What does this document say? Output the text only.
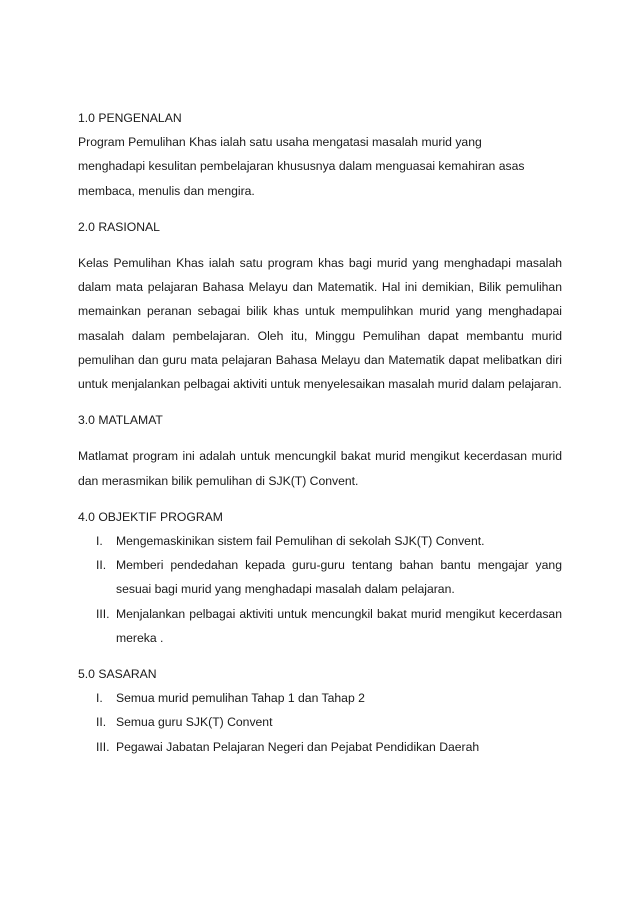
1.0 PENGENALAN

Program Pemulihan Khas ialah satu usaha mengatasi masalah murid yang
menghadapi kesulitan pembelajaran khususnya dalam menguasai kemahiran asas
membaca, menulis dan mengira.

2.0 RASIONAL

Kelas Pemulihan Khas ialah satu program khas bagi murid yang menghadapi masalah dalam mata pelajaran Bahasa Melayu dan Matematik. Hal ini demikian, Bilik pemulihan memainkan peranan sebagai bilik khas untuk mempulihkan murid yang menghadapai masalah dalam pembelajaran. Oleh itu, Minggu Pemulihan dapat membantu murid pemulihan dan guru mata pelajaran Bahasa Melayu dan Matematik dapat melibatkan diri untuk menjalankan pelbagai aktiviti untuk menyelesaikan masalah murid dalam pelajaran.

3.0 MATLAMAT

Matlamat program ini adalah untuk mencungkil bakat murid mengikut kecerdasan murid dan merasmikan bilik pemulihan di SJK(T) Convent.

4.0 OBJEKTIF PROGRAM

I.	Mengemaskinikan sistem fail Pemulihan di sekolah SJK(T) Convent.
II. Memberi pendedahan kepada guru-guru tentang bahan bantu mengajar yang sesuai bagi murid yang menghadapi masalah dalam pelajaran.
III. Menjalankan pelbagai aktiviti untuk mencungkil bakat murid mengikut kecerdasan mereka .

5.0 SASARAN

I.	Semua murid pemulihan Tahap 1 dan Tahap 2
II. Semua guru SJK(T) Convent
III. Pegawai Jabatan Pelajaran Negeri dan Pejabat Pendidikan Daerah
